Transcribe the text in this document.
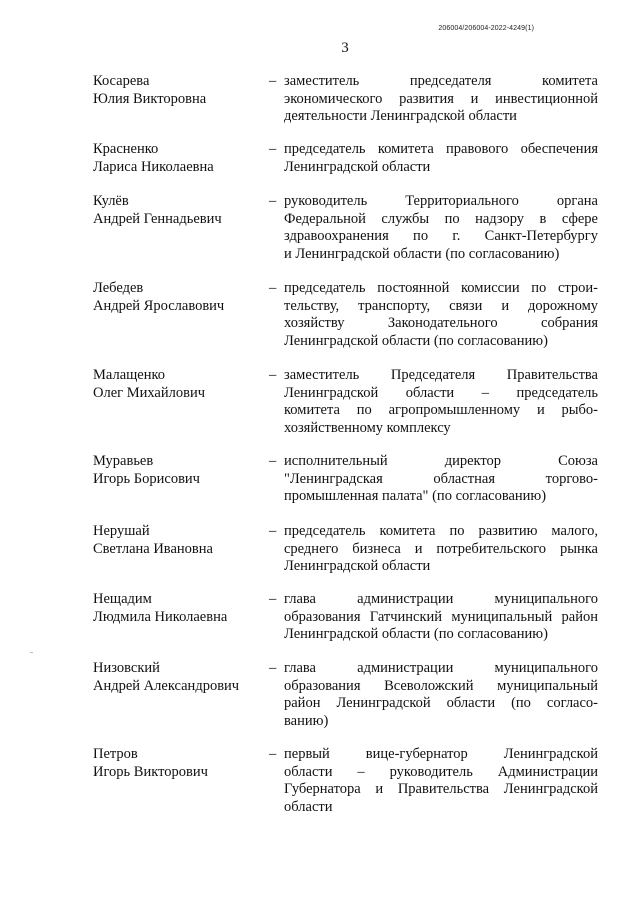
206004/206004-2022-4249(1)
3
Косарева
Юлия Викторовна
– заместитель председателя комитета
экономического развития и инвестиционной
деятельности Ленинградской области
Красненко
Лариса Николаевна
– председатель комитета правового обеспечения
Ленинградской области
Кулёв
Андрей Геннадьевич
– руководитель Территориального органа
Федеральной службы по надзору в сфере
здравоохранения по г. Санкт-Петербургу
и Ленинградской области (по согласованию)
Лебедев
Андрей Ярославович
– председатель постоянной комиссии по строи-
тельству, транспорту, связи и дорожному
хозяйству Законодательного собрания
Ленинградской области (по согласованию)
Малащенко
Олег Михайлович
– заместитель Председателя Правительства
Ленинградской области – председатель
комитета по агропромышленному и рыбо-
хозяйственному комплексу
Муравьев
Игорь Борисович
– исполнительный директор Союза
"Ленинградская областная торгово-
промышленная палата" (по согласованию)
Нерушай
Светлана Ивановна
– председатель комитета по развитию малого,
среднего бизнеса и потребительского рынка
Ленинградской области
Нещадим
Людмила Николаевна
– глава администрации муниципального
образования Гатчинский муниципальный район
Ленинградской области (по согласованию)
Низовский
Андрей Александрович
– глава администрации муниципального
образования Всеволожский муниципальный
район Ленинградской области (по согласо-
ванию)
Петров
Игорь Викторович
– первый вице-губернатор Ленинградской
области – руководитель Администрации
Губернатора и Правительства Ленинградской
области
